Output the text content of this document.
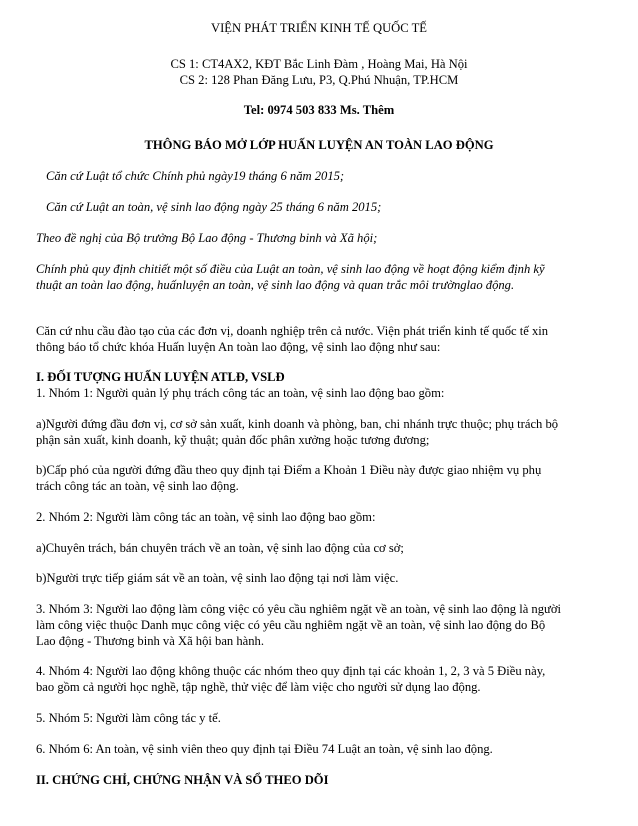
VIỆN PHÁT TRIỂN KINH TẾ QUỐC TẾ
CS 1: CT4AX2, KĐT Bắc Linh Đàm , Hoàng Mai, Hà Nội
CS 2: 128 Phan Đăng Lưu, P3, Q.Phú Nhuận, TP.HCM
Tel: 0974 503 833 Ms. Thêm
THÔNG BÁO MỞ LỚP HUẤN LUYỆN AN TOÀN LAO ĐỘNG
Căn cứ Luật tổ chức Chính phủ ngày19 tháng 6 năm 2015;
Căn cứ Luật an toàn, vệ sinh lao động ngày 25 tháng 6 năm 2015;
Theo đề nghị của Bộ trưởng Bộ Lao động - Thương binh và Xã hội;
Chính phủ quy định chitiết một số điều của Luật an toàn, vệ sinh lao động về hoạt động kiểm định kỹ
thuật an toàn lao động, huấnluyện an toàn, vệ sinh lao động và quan trắc môi trườnglao động.
Căn cứ nhu cầu đào tạo của các đơn vị, doanh nghiệp trên cả nước. Viện phát triển kinh tế quốc tế xin
thông báo tổ chức khóa Huấn luyện An toàn lao động, vệ sinh lao động như sau:
I. ĐỐI TƯỢNG HUẤN LUYỆN ATLĐ, VSLĐ
1. Nhóm 1: Người quản lý phụ trách công tác an toàn, vệ sinh lao động bao gồm:
a)Người đứng đầu đơn vị, cơ sở sản xuất, kinh doanh và phòng, ban, chi nhánh trực thuộc; phụ trách bộ
phận sản xuất, kinh doanh, kỹ thuật; quản đốc phân xưởng hoặc tương đương;
b)Cấp phó của người đứng đầu theo quy định tại Điểm a Khoản 1 Điều này được giao nhiệm vụ phụ
trách công tác an toàn, vệ sinh lao động.
2. Nhóm 2: Người làm công tác an toàn, vệ sinh lao động bao gồm:
a)Chuyên trách, bán chuyên trách về an toàn, vệ sinh lao động của cơ sở;
b)Người trực tiếp giám sát về an toàn, vệ sinh lao động tại nơi làm việc.
3. Nhóm 3: Người lao động làm công việc có yêu cầu nghiêm ngặt về an toàn, vệ sinh lao động là người
làm công việc thuộc Danh mục công việc có yêu cầu nghiêm ngặt về an toàn, vệ sinh lao động do Bộ
Lao động - Thương binh và Xã hội ban hành.
4. Nhóm 4: Người lao động không thuộc các nhóm theo quy định tại các khoản 1, 2, 3 và 5 Điều này,
bao gồm cả người học nghề, tập nghề, thử việc để làm việc cho người sử dụng lao động.
5. Nhóm 5: Người làm công tác y tế.
6. Nhóm 6: An toàn, vệ sinh viên theo quy định tại Điều 74 Luật an toàn, vệ sinh lao động.
II. CHỨNG CHỈ, CHỨNG NHẬN VÀ SỔ THEO DÕI
